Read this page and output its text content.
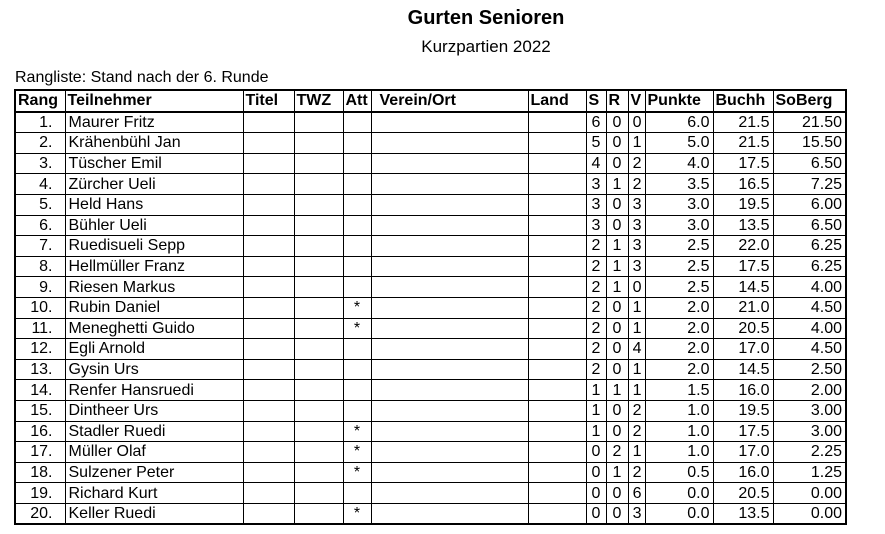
Gurten Senioren
Kurzpartien 2022
Rangliste: Stand nach der 6. Runde
Rang	Teilnehmer	Titel	TWZ	Att	Verein/Ort	Land	S	R	V	Punkte	Buchh	SoBerg
1.	Maurer Fritz						6	0	0	6.0	21.5	21.50
2.	Krähenbühl Jan						5	0	1	5.0	21.5	15.50
3.	Tüscher Emil						4	0	2	4.0	17.5	6.50
4.	Zürcher Ueli						3	1	2	3.5	16.5	7.25
5.	Held Hans						3	0	3	3.0	19.5	6.00
6.	Bühler Ueli						3	0	3	3.0	13.5	6.50
7.	Ruedisueli Sepp						2	1	3	2.5	22.0	6.25
8.	Hellmüller Franz						2	1	3	2.5	17.5	6.25
9.	Riesen Markus						2	1	0	2.5	14.5	4.00
10.	Rubin Daniel			*			2	0	1	2.0	21.0	4.50
11.	Meneghetti Guido			*			2	0	1	2.0	20.5	4.00
12.	Egli Arnold						2	0	4	2.0	17.0	4.50
13.	Gysin Urs						2	0	1	2.0	14.5	2.50
14.	Renfer Hansruedi						1	1	1	1.5	16.0	2.00
15.	Dintheer Urs						1	0	2	1.0	19.5	3.00
16.	Stadler Ruedi			*			1	0	2	1.0	17.5	3.00
17.	Müller Olaf			*			0	2	1	1.0	17.0	2.25
18.	Sulzener Peter			*			0	1	2	0.5	16.0	1.25
19.	Richard Kurt						0	0	6	0.0	20.5	0.00
20.	Keller Ruedi			*			0	0	3	0.0	13.5	0.00
